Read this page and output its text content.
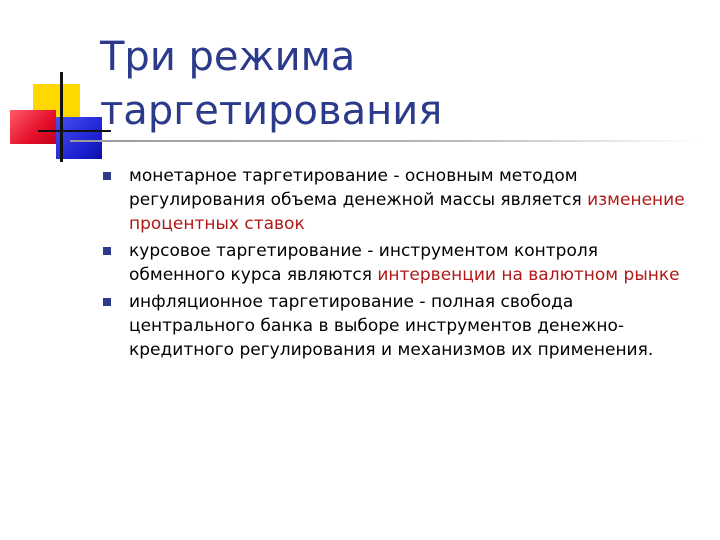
Три режима
таргетирования
монетарное таргетирование - основным методом регулирования объема денежной массы является изменение процентных ставок
курсовое таргетирование - инструментом контроля обменного курса являются интервенции на валютном рынке
инфляционное таргетирование - полная свобода центрального банка в выборе инструментов денежно-кредитного регулирования и механизмов их применения.
